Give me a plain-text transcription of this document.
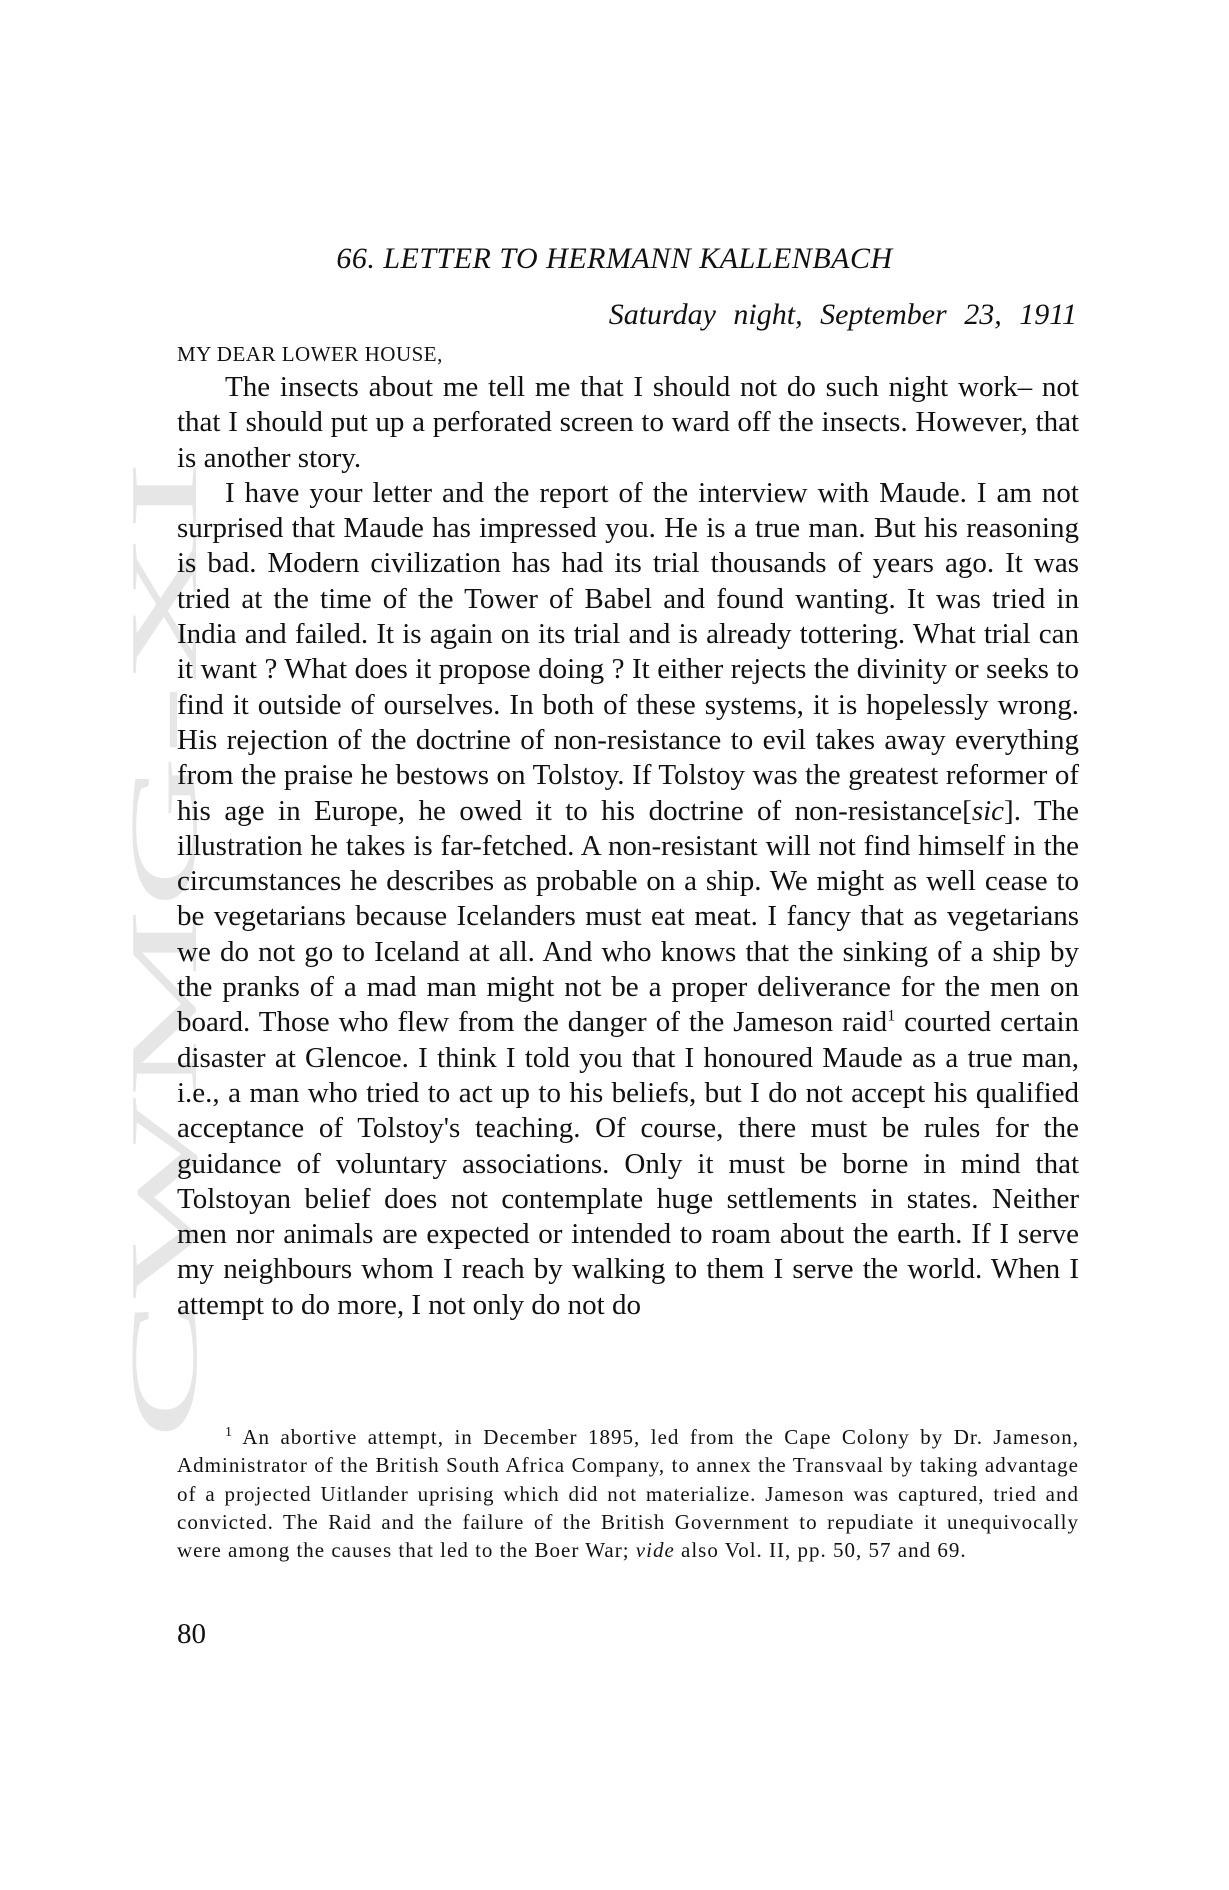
CWMG-XI
66. LETTER TO HERMANN KALLENBACH
Saturday night, September 23, 1911
MY DEAR LOWER HOUSE,

The insects about me tell me that I should not do such night work– not that I should put up a perforated screen to ward off the insects. However, that is another story.

I have your letter and the report of the interview with Maude. I am not surprised that Maude has impressed you. He is a true man. But his reasoning is bad. Modern civilization has had its trial thousands of years ago. It was tried at the time of the Tower of Babel and found wanting. It was tried in India and failed. It is again on its trial and is already tottering. What trial can it want ? What does it propose doing ? It either rejects the divinity or seeks to find it outside of ourselves. In both of these systems, it is hopelessly wrong. His rejection of the doctrine of non-resistance to evil takes away everything from the praise he bestows on Tolstoy. If Tolstoy was the greatest reformer of his age in Europe, he owed it to his doctrine of non-resistance[sic]. The illustration he takes is far-fetched. A non-resistant will not find himself in the circumstances he describes as probable on a ship. We might as well cease to be vegetarians because Icelanders must eat meat. I fancy that as vegetarians we do not go to Iceland at all. And who knows that the sinking of a ship by the pranks of a mad man might not be a proper deliverance for the men on board. Those who flew from the danger of the Jameson raid$^1$ courted certain disaster at Glencoe. I think I told you that I honoured Maude as a true man, i.e., a man who tried to act up to his beliefs, but I do not accept his qualified acceptance of Tolstoy's teaching. Of course, there must be rules for the guidance of voluntary associations. Only it must be borne in mind that Tolstoyan belief does not contemplate huge settlements in states. Neither men nor animals are expected or intended to roam about the earth. If I serve my neighbours whom I reach by walking to them I serve the world. When I attempt to do more, I not only do not do

$^1$ An abortive attempt, in December 1895, led from the Cape Colony by Dr. Jameson, Administrator of the British South Africa Company, to annex the Transvaal by taking advantage of a projected Uitlander uprising which did not materialize. Jameson was captured, tried and convicted. The Raid and the failure of the British Government to repudiate it unequivocally were among the causes that led to the Boer War; vide also Vol. II, pp. 50, 57 and 69.
80
